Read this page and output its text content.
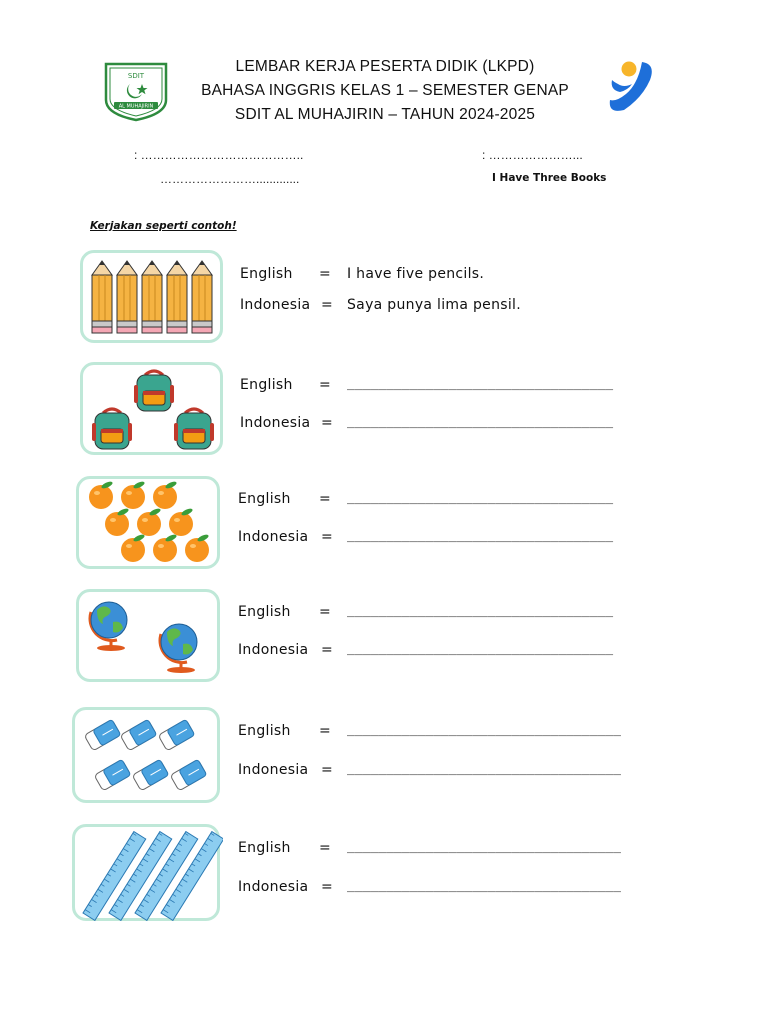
SDIT
AL MUHAJIRIN
LEMBAR KERJA PESERTA DIDIK (LKPD)
BAHASA INGGRIS KELAS 1 – SEMESTER GENAP
SDIT AL MUHAJIRIN – TAHUN 2024-2025
: …………………………………..
…………………….............
: …………………...
I Have Three Books
Kerjakan seperti contoh!
English = I have five pencils.
Indonesia = Saya punya lima pensil.
English = __________________________________
Indonesia = __________________________________
English = __________________________________
Indonesia = __________________________________
English = __________________________________
Indonesia = __________________________________
English = ___________________________________
Indonesia = ___________________________________
English = ___________________________________
Indonesia = ___________________________________
